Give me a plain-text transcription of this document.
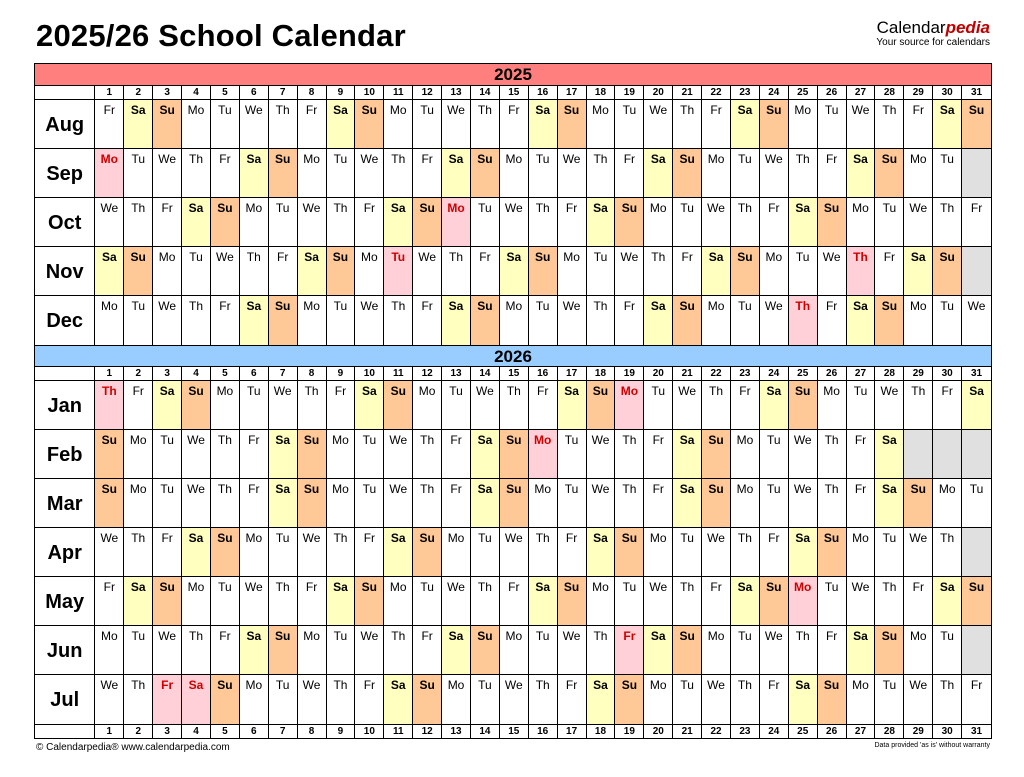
2025/26 School Calendar	Calendarpedia
Your source for calendars
2025
1	2	3	4	5	6	7	8	9	10	11	12	13	14	15	16	17	18	19	20	21	22	23	24	25	26	27	28	29	30	31
Aug
Fr	Sa	Su	Mo	Tu	We	Th	Fr	Sa	Su	Mo	Tu	We	Th	Fr	Sa	Su	Mo	Tu	We	Th	Fr	Sa	Su	Mo	Tu	We	Th	Fr	Sa	Su
Sep
Mo	Tu	We	Th	Fr	Sa	Su	Mo	Tu	We	Th	Fr	Sa	Su	Mo	Tu	We	Th	Fr	Sa	Su	Mo	Tu	We	Th	Fr	Sa	Su	Mo	Tu
Oct
We	Th	Fr	Sa	Su	Mo	Tu	We	Th	Fr	Sa	Su	Mo	Tu	We	Th	Fr	Sa	Su	Mo	Tu	We	Th	Fr	Sa	Su	Mo	Tu	We	Th	Fr
Nov
Sa	Su	Mo	Tu	We	Th	Fr	Sa	Su	Mo	Tu	We	Th	Fr	Sa	Su	Mo	Tu	We	Th	Fr	Sa	Su	Mo	Tu	We	Th	Fr	Sa	Su
Dec
Mo	Tu	We	Th	Fr	Sa	Su	Mo	Tu	We	Th	Fr	Sa	Su	Mo	Tu	We	Th	Fr	Sa	Su	Mo	Tu	We	Th	Fr	Sa	Su	Mo	Tu	We
2026
1	2	3	4	5	6	7	8	9	10	11	12	13	14	15	16	17	18	19	20	21	22	23	24	25	26	27	28	29	30	31
Jan
Th	Fr	Sa	Su	Mo	Tu	We	Th	Fr	Sa	Su	Mo	Tu	We	Th	Fr	Sa	Su	Mo	Tu	We	Th	Fr	Sa	Su	Mo	Tu	We	Th	Fr	Sa
Feb
Su	Mo	Tu	We	Th	Fr	Sa	Su	Mo	Tu	We	Th	Fr	Sa	Su	Mo	Tu	We	Th	Fr	Sa	Su	Mo	Tu	We	Th	Fr	Sa
Mar
Su	Mo	Tu	We	Th	Fr	Sa	Su	Mo	Tu	We	Th	Fr	Sa	Su	Mo	Tu	We	Th	Fr	Sa	Su	Mo	Tu	We	Th	Fr	Sa	Su	Mo	Tu
Apr
We	Th	Fr	Sa	Su	Mo	Tu	We	Th	Fr	Sa	Su	Mo	Tu	We	Th	Fr	Sa	Su	Mo	Tu	We	Th	Fr	Sa	Su	Mo	Tu	We	Th
May
Fr	Sa	Su	Mo	Tu	We	Th	Fr	Sa	Su	Mo	Tu	We	Th	Fr	Sa	Su	Mo	Tu	We	Th	Fr	Sa	Su	Mo	Tu	We	Th	Fr	Sa	Su
Jun
Mo	Tu	We	Th	Fr	Sa	Su	Mo	Tu	We	Th	Fr	Sa	Su	Mo	Tu	We	Th	Fr	Sa	Su	Mo	Tu	We	Th	Fr	Sa	Su	Mo	Tu
Jul
We	Th	Fr	Sa	Su	Mo	Tu	We	Th	Fr	Sa	Su	Mo	Tu	We	Th	Fr	Sa	Su	Mo	Tu	We	Th	Fr	Sa	Su	Mo	Tu	We	Th	Fr
1	2	3	4	5	6	7	8	9	10	11	12	13	14	15	16	17	18	19	20	21	22	23	24	25	26	27	28	29	30	31
© Calendarpedia® www.calendarpedia.com	Data provided 'as is' without warranty
